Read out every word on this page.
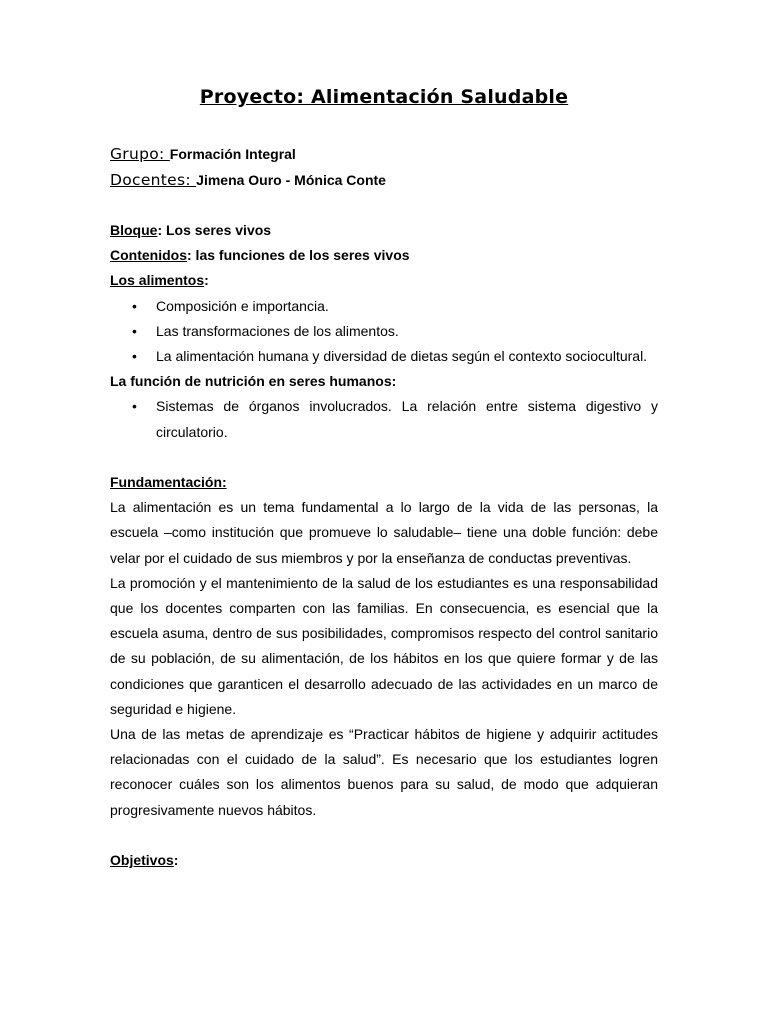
Proyecto: Alimentación Saludable
Grupo: Formación Integral
Docentes: Jimena Ouro - Mónica Conte

Bloque: Los seres vivos

Contenidos: las funciones de los seres vivos

Los alimentos:

• Composición e importancia.
• Las transformaciones de los alimentos.
• La alimentación humana y diversidad de dietas según el contexto sociocultural.

La función de nutrición en seres humanos:

• Sistemas de órganos involucrados. La relación entre sistema digestivo y circulatorio.

Fundamentación:

La alimentación es un tema fundamental a lo largo de la vida de las personas, la escuela –como institución que promueve lo saludable– tiene una doble función: debe velar por el cuidado de sus miembros y por la enseñanza de conductas preventivas.

La promoción y el mantenimiento de la salud de los estudiantes es una responsabilidad que los docentes comparten con las familias. En consecuencia, es esencial que la escuela asuma, dentro de sus posibilidades, compromisos respecto del control sanitario de su población, de su alimentación, de los hábitos en los que quiere formar y de las condiciones que garanticen el desarrollo adecuado de las actividades en un marco de seguridad e higiene.

Una de las metas de aprendizaje es “Practicar hábitos de higiene y adquirir actitudes relacionadas con el cuidado de la salud”. Es necesario que los estudiantes logren reconocer cuáles son los alimentos buenos para su salud, de modo que adquieran progresivamente nuevos hábitos.

Objetivos:
